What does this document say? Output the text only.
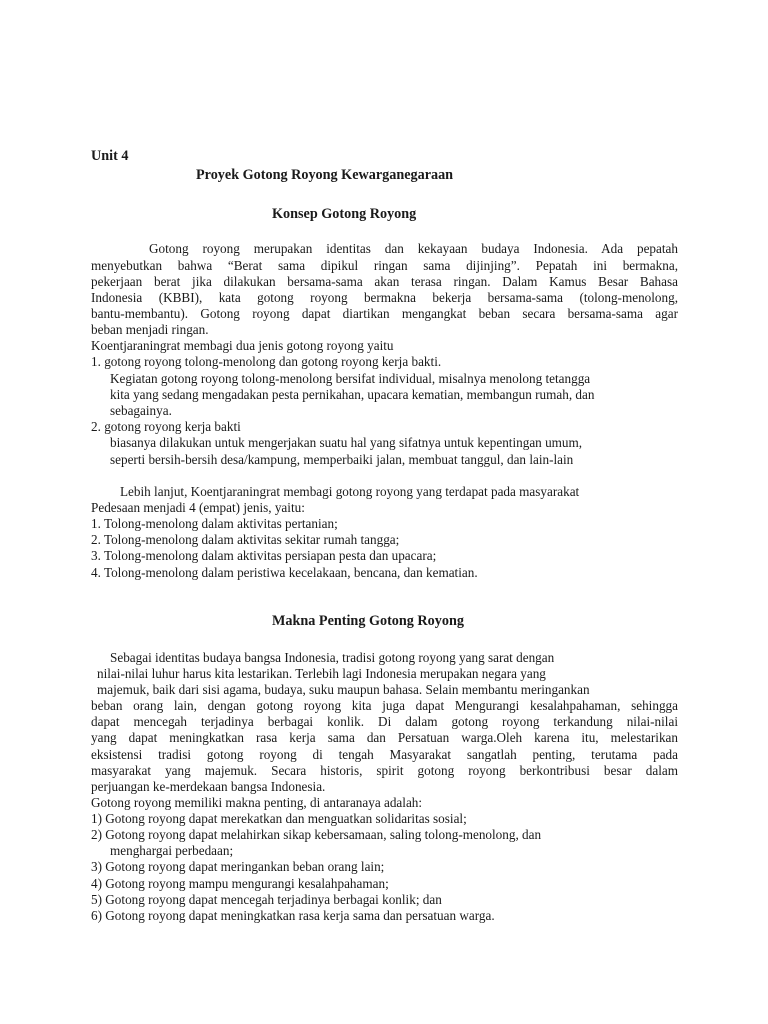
Unit 4
Proyek Gotong Royong Kewarganegaraan
Konsep Gotong Royong
Gotong royong merupakan identitas dan kekayaan budaya Indonesia. Ada pepatah
menyebutkan bahwa “Berat sama dipikul ringan sama dijinjing”. Pepatah ini bermakna,
pekerjaan berat jika dilakukan bersama-sama akan terasa ringan. Dalam Kamus Besar Bahasa
Indonesia (KBBI), kata gotong royong bermakna bekerja bersama-sama (tolong-menolong,
bantu-membantu). Gotong royong dapat diartikan mengangkat beban secara bersama-sama agar
beban menjadi ringan.
Koentjaraningrat membagi dua jenis gotong royong yaitu
1. gotong royong tolong-menolong dan gotong royong kerja bakti.
Kegiatan gotong royong tolong-menolong bersifat individual, misalnya menolong tetangga
kita yang sedang mengadakan pesta pernikahan, upacara kematian, membangun rumah, dan
sebagainya.
2. gotong royong kerja bakti
biasanya dilakukan untuk mengerjakan suatu hal yang sifatnya untuk kepentingan umum,
seperti bersih-bersih desa/kampung, memperbaiki jalan, membuat tanggul, dan lain-lain
Lebih lanjut, Koentjaraningrat membagi gotong royong yang terdapat pada masyarakat
Pedesaan menjadi 4 (empat) jenis, yaitu:
1. Tolong-menolong dalam aktivitas pertanian;
2. Tolong-menolong dalam aktivitas sekitar rumah tangga;
3. Tolong-menolong dalam aktivitas persiapan pesta dan upacara;
4. Tolong-menolong dalam peristiwa kecelakaan, bencana, dan kematian.
Makna Penting Gotong Royong
Sebagai identitas budaya bangsa Indonesia, tradisi gotong royong yang sarat dengan
nilai-nilai luhur harus kita lestarikan. Terlebih lagi Indonesia merupakan negara yang
majemuk, baik dari sisi agama, budaya, suku maupun bahasa. Selain membantu meringankan
beban orang lain, dengan gotong royong kita juga dapat Mengurangi kesalahpahaman, sehingga
dapat mencegah terjadinya berbagai konlik. Di dalam gotong royong terkandung nilai-nilai
yang dapat meningkatkan rasa kerja sama dan Persatuan warga.Oleh karena itu, melestarikan
eksistensi tradisi gotong royong di tengah Masyarakat sangatlah penting, terutama pada
masyarakat yang majemuk. Secara historis, spirit gotong royong berkontribusi besar dalam
perjuangan ke-merdekaan bangsa Indonesia.
Gotong royong memiliki makna penting, di antaranaya adalah:
1) Gotong royong dapat merekatkan dan menguatkan solidaritas sosial;
2) Gotong royong dapat melahirkan sikap kebersamaan, saling tolong-menolong, dan
menghargai perbedaan;
3) Gotong royong dapat meringankan beban orang lain;
4) Gotong royong mampu mengurangi kesalahpahaman;
5) Gotong royong dapat mencegah terjadinya berbagai konlik; dan
6) Gotong royong dapat meningkatkan rasa kerja sama dan persatuan warga.
